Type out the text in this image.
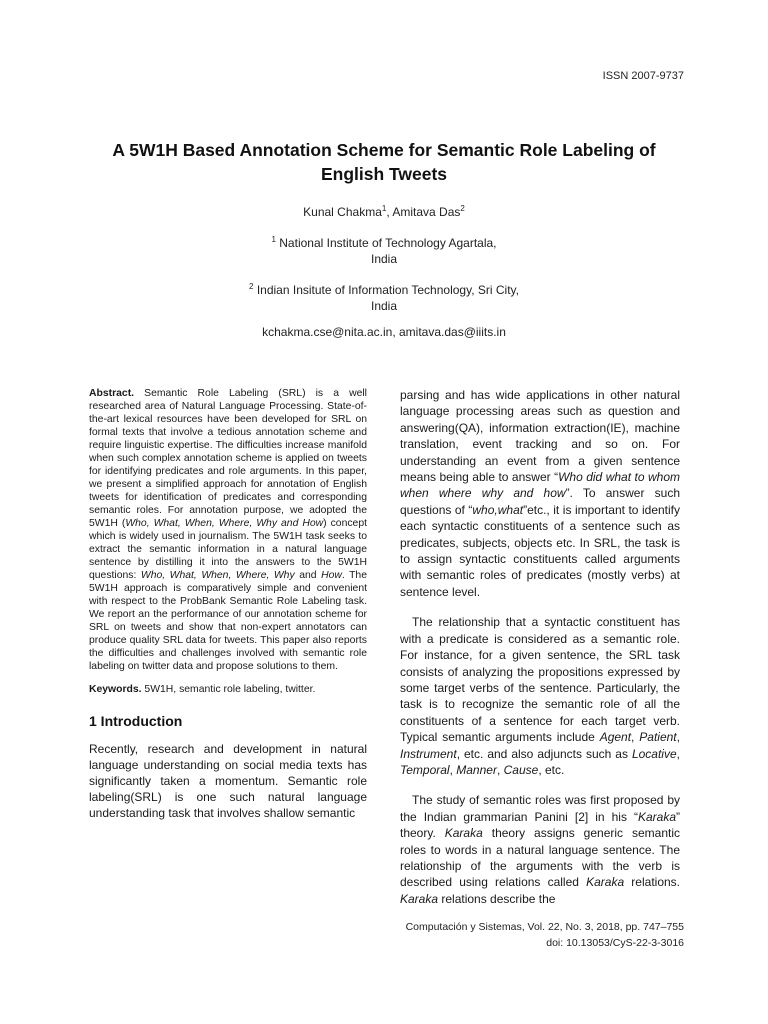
ISSN 2007-9737
A 5W1H Based Annotation Scheme for Semantic Role Labeling of
English Tweets
Kunal Chakma$^1$, Amitava Das$^2$
$^1$ National Institute of Technology Agartala,
India
$^2$ Indian Insitute of Information Technology, Sri City,
India
kchakma.cse@nita.ac.in, amitava.das@iiits.in

Abstract. Semantic Role Labeling (SRL) is a well researched area of Natural Language Processing. State-of-the-art lexical resources have been developed for SRL on formal texts that involve a tedious annotation scheme and require linguistic expertise. The difficulties increase manifold when such complex annotation scheme is applied on tweets for identifying predicates and role arguments. In this paper, we present a simplified approach for annotation of English tweets for identification of predicates and corresponding semantic roles. For annotation purpose, we adopted the 5W1H (Who, What, When, Where, Why and How) concept which is widely used in journalism. The 5W1H task seeks to extract the semantic information in a natural language sentence by distilling it into the answers to the 5W1H questions: Who, What, When, Where, Why and How. The 5W1H approach is comparatively simple and convenient with respect to the ProbBank Semantic Role Labeling task. We report an the performance of our annotation scheme for SRL on tweets and show that non-expert annotators can produce quality SRL data for tweets. This paper also reports the difficulties and challenges involved with semantic role labeling on twitter data and propose solutions to them.

Keywords. 5W1H, semantic role labeling, twitter.

1 Introduction

Recently, research and development in natural language understanding on social media texts has significantly taken a momentum. Semantic role labeling(SRL) is one such natural language understanding task that involves shallow semantic

parsing and has wide applications in other natural language processing areas such as question and answering(QA), information extraction(IE), machine translation, event tracking and so on. For understanding an event from a given sentence means being able to answer “Who did what to whom when where why and how”. To answer such questions of “who,what”etc., it is important to identify each syntactic constituents of a sentence such as predicates, subjects, objects etc. In SRL, the task is to assign syntactic constituents called arguments with semantic roles of predicates (mostly verbs) at sentence level.

The relationship that a syntactic constituent has with a predicate is considered as a semantic role. For instance, for a given sentence, the SRL task consists of analyzing the propositions expressed by some target verbs of the sentence. Particularly, the task is to recognize the semantic role of all the constituents of a sentence for each target verb. Typical semantic arguments include Agent, Patient, Instrument, etc. and also adjuncts such as Locative, Temporal, Manner, Cause, etc.

The study of semantic roles was first proposed by the Indian grammarian Panini [2] in his “Karaka” theory. Karaka theory assigns generic semantic roles to words in a natural language sentence. The relationship of the arguments with the verb is described using relations called Karaka relations. Karaka relations describe the

Computación y Sistemas, Vol. 22, No. 3, 2018, pp. 747–755
doi: 10.13053/CyS-22-3-3016
